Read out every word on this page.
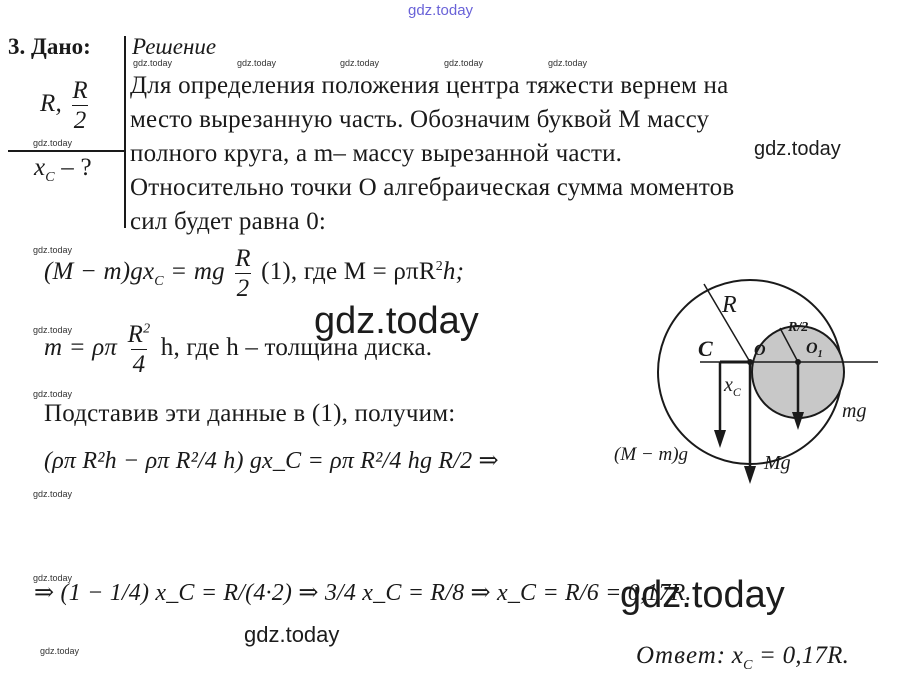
gdz.today
gdz.today	gdz.today	gdz.today	gdz.today	gdz.today
gdz.today
gdz.today
gdz.today
gdz.today
gdz.today
gdz.today
gdz.today
gdz.today
gdz.today
gdz.today
gdz.today
3. Дано:
R, $\frac{R}{2}$
$x_C$ – ?
Решение
Для определения положения центра тяжести вернем на
место вырезанную часть. Обозначим буквой M массу
полного круга, а m– массу вырезанной части.
Относительно точки O алгебраическая сумма моментов
сил будет равна 0:
$(M - m)gx_C$ = mg $\frac{R}{2} (1)$, где M = ρπR$^2$h;
m = ρπ $\frac{R^2}{4} h$, где h – толщина диска.
Подставив эти данные в (1), получим:
(ρπ R²h − ρπ R²/4 h) gx_C = ρπ R²/4 hg R/2 ⇒
⇒ (1 − 1/4) x_C = R/(4·2) ⇒ 3/4 x_C = R/8 ⇒ x_C = R/6 = 0,17R.
Ответ: $x_C = 0,17R$.
R
R/2
C	O	$O_1$
$x_C$
mg
Mg
(M − m)g
